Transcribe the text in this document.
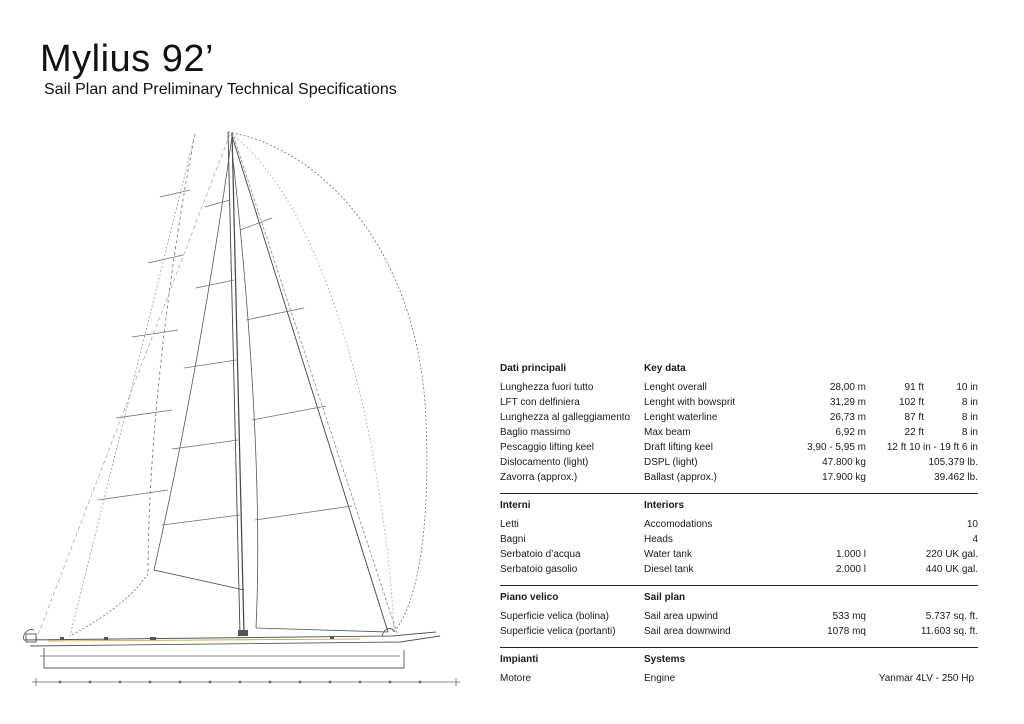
Mylius 92’
Sail Plan and Preliminary Technical Specifications
Dati principali	Key data
Lunghezza fuori tutto	Lenght overall	28,00 m	91 ft	10 in
LFT con delfiniera	Lenght with bowsprit	31,29 m	102 ft	8 in
Lunghezza al galleggiamento	Lenght waterline	26,73 m	87 ft	8 in
Baglio massimo	Max beam	6,92 m	22 ft	8 in
Pescaggio lifting keel	Draft lifting keel	3,90 - 5,95 m	12 ft 10 in - 19 ft 6 in
Dislocamento (light)	DSPL (light)	47.800 kg	105.379 lb.
Zavorra (approx.)	Ballast (approx.)	17.900 kg	39.462 lb.
Interni	Interiors
Letti	Accomodations	10
Bagni	Heads	4
Serbatoio d’acqua	Water tank	1.000 l	220 UK gal.
Serbatoio gasolio	Diesel tank	2.000 l	440 UK gal.
Piano velico	Sail plan
Superficie velica (bolina)	Sail area upwind	533 mq	5.737 sq. ft.
Superficie velica (portanti)	Sail area downwind	1078 mq	11.603 sq. ft.
Impianti	Systems
Motore	Engine	Yanmar 4LV - 250 Hp
